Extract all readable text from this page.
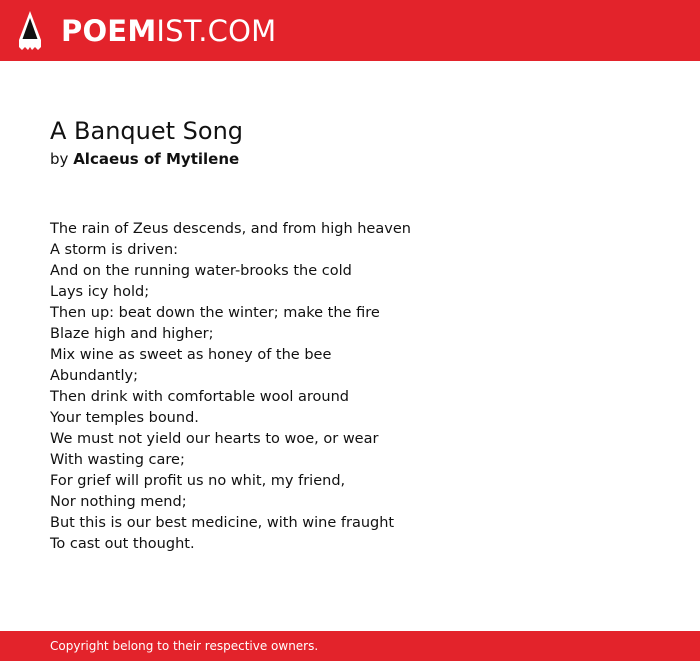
POEMIST.COM
A Banquet Song
by Alcaeus of Mytilene
The rain of Zeus descends, and from high heaven
A storm is driven:
And on the running water-brooks the cold
Lays icy hold;
Then up: beat down the winter; make the fire
Blaze high and higher;
Mix wine as sweet as honey of the bee
Abundantly;
Then drink with comfortable wool around
Your temples bound.
We must not yield our hearts to woe, or wear
With wasting care;
For grief will profit us no whit, my friend,
Nor nothing mend;
But this is our best medicine, with wine fraught
To cast out thought.
Copyright belong to their respective owners.
